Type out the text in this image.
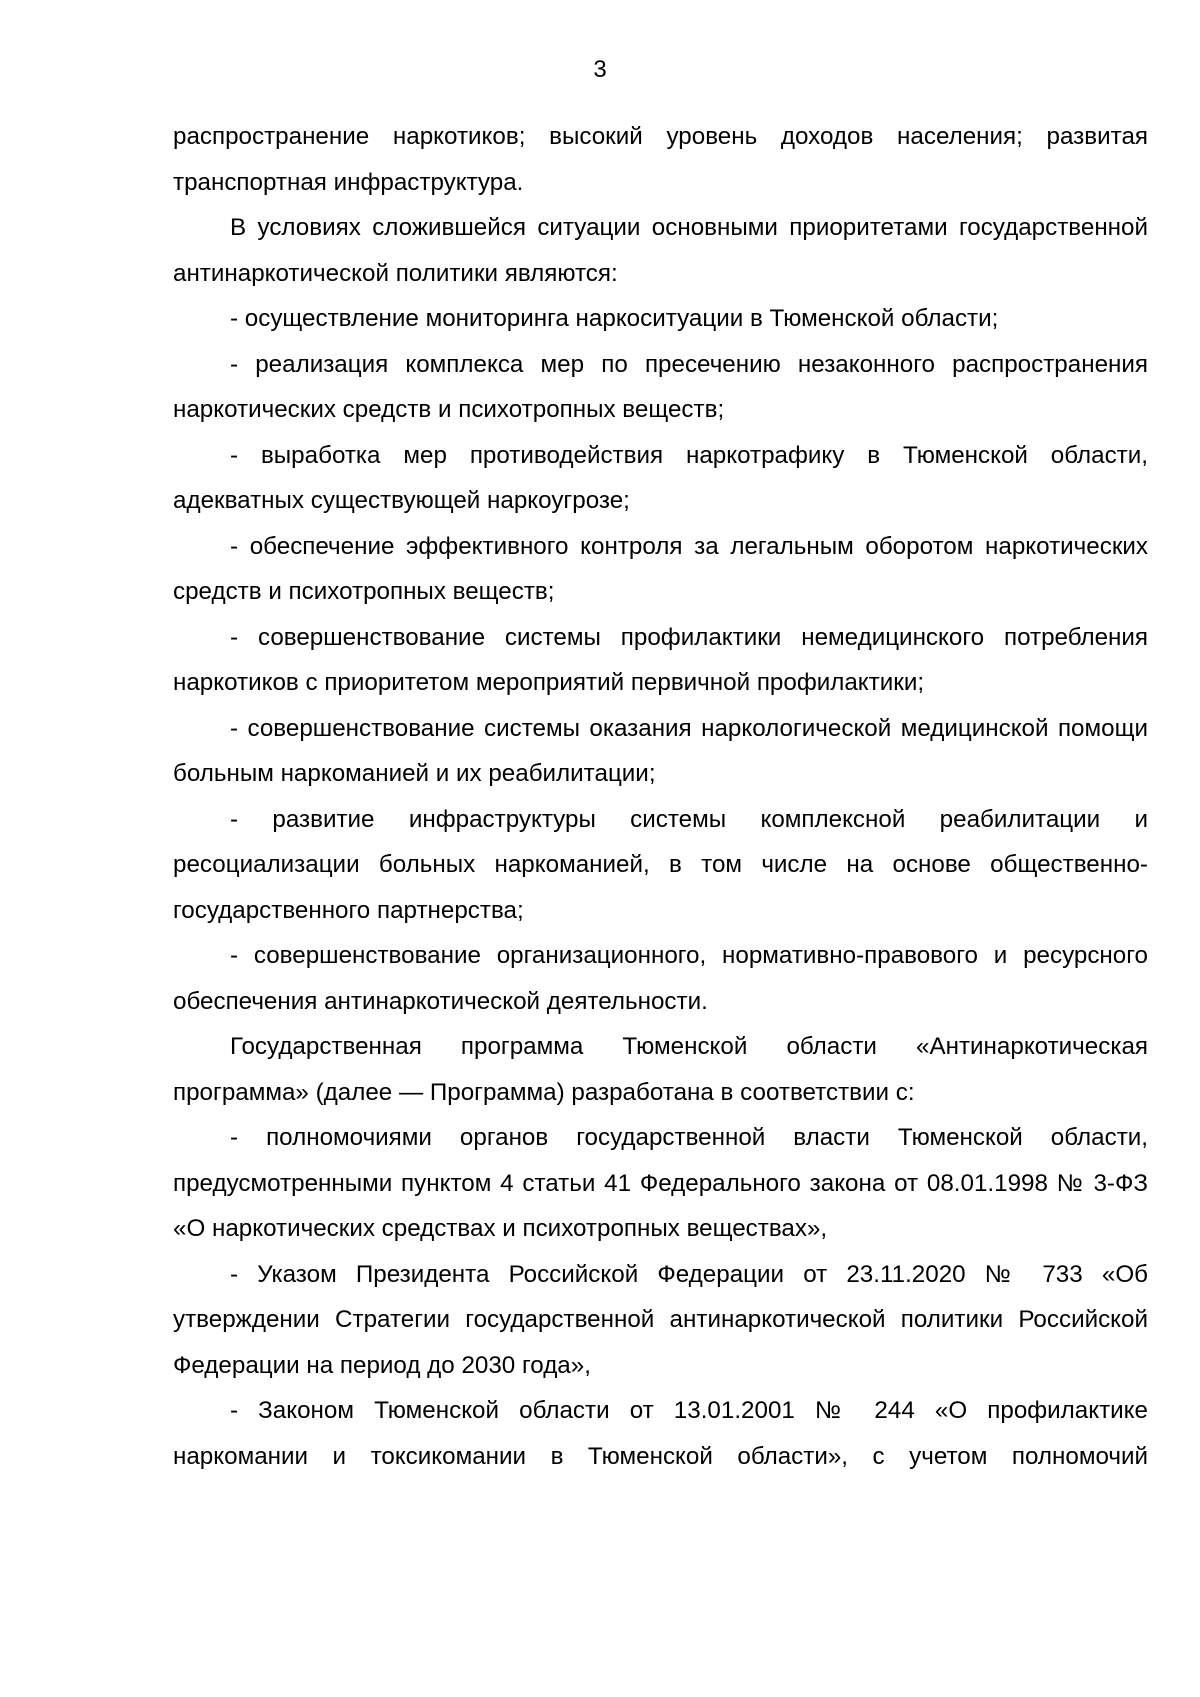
3

распространение наркотиков; высокий уровень доходов населения; развитая транспортная инфраструктура.

В условиях сложившейся ситуации основными приоритетами государственной антинаркотической политики являются:

- осуществление мониторинга наркоситуации в Тюменской области;

- реализация комплекса мер по пресечению незаконного распространения наркотических средств и психотропных веществ;

- выработка мер противодействия наркотрафику в Тюменской области, адекватных существующей наркоугрозе;

- обеспечение эффективного контроля за легальным оборотом наркотических средств и психотропных веществ;

- совершенствование системы профилактики немедицинского потребления наркотиков с приоритетом мероприятий первичной профилактики;

- совершенствование системы оказания наркологической медицинской помощи больным наркоманией и их реабилитации;

- развитие инфраструктуры системы комплексной реабилитации и ресоциализации больных наркоманией, в том числе на основе общественно-государственного партнерства;

- совершенствование организационного, нормативно-правового и ресурсного обеспечения антинаркотической деятельности.

Государственная программа Тюменской области «Антинаркотическая программа» (далее — Программа) разработана в соответствии с:

- полномочиями органов государственной власти Тюменской области, предусмотренными пунктом 4 статьи 41 Федерального закона от 08.01.1998 № 3-ФЗ «О наркотических средствах и психотропных веществах»,

- Указом Президента Российской Федерации от 23.11.2020 № 733 «Об утверждении Стратегии государственной антинаркотической политики Российской Федерации на период до 2030 года»,

- Законом Тюменской области от 13.01.2001 № 244 «О профилактике наркомании и токсикомании в Тюменской области», с учетом полномочий
